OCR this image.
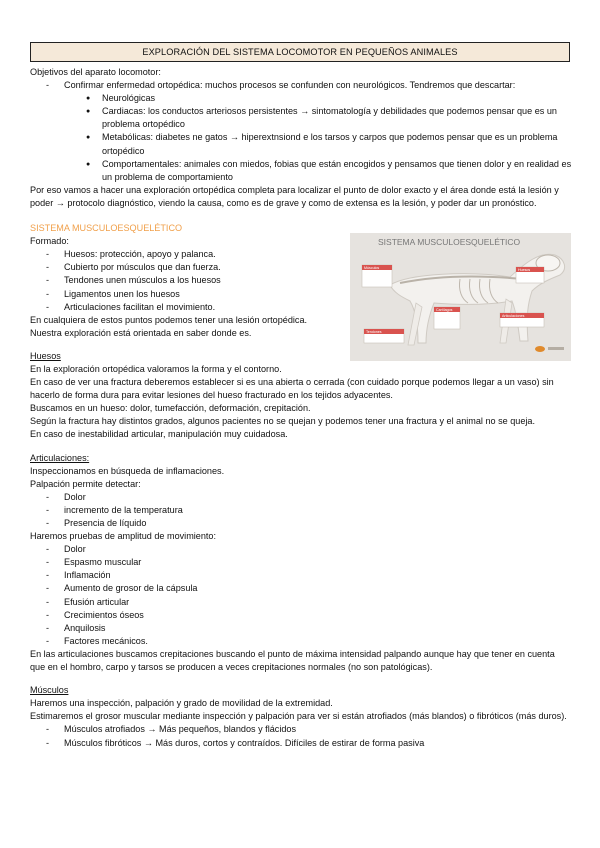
EXPLORACIÓN DEL SISTEMA LOCOMOTOR EN PEQUEÑOS ANIMALES

Objetivos del aparato locomotor:

- Confirmar enfermedad ortopédica: muchos procesos se confunden con neurológicos. Tendremos que descartar:

● Neurológicas

● Cardiacas: los conductos arteriosos persistentes → sintomatología y debilidades que podemos pensar que es un problema ortopédico

● Metabólicas: diabetes ne gatos → hiperextnsiond e los tarsos y carpos que podemos pensar que es un problema ortopédico

● Comportamentales: animales con miedos, fobias que están encogidos y pensamos que tienen dolor y en realidad es un problema de comportamiento

Por eso vamos a hacer una exploración ortopédica completa para localizar el punto de dolor exacto y el área donde está la lesión y poder → protocolo diagnóstico, viendo la causa, como es de grave y como de extensa es la lesión, y poder dar un pronóstico.

SISTEMA MUSCULOESQUELÉTICO

Formado:

- Huesos: protección, apoyo y palanca.

- Cubierto por músculos que dan fuerza.

- Tendones unen músculos a los huesos

- Ligamentos unen los huesos

- Articulaciones facilitan el movimiento.

En cualquiera de estos puntos podemos tener una lesión ortopédica.

Nuestra exploración está orientada en saber donde es.

Huesos

En la exploración ortopédica valoramos la forma y el contorno.

En caso de ver una fractura deberemos establecer si es una abierta o cerrada (con cuidado porque podemos llegar a un vaso) sin hacerlo de forma dura para evitar lesiones del hueso fracturado en los tejidos adyacentes.

Buscamos en un hueso: dolor, tumefacción, deformación, crepitación.

Según la fractura hay distintos grados, algunos pacientes no se quejan y podemos tener una fractura y el animal no se queja.

En caso de inestabilidad articular, manipulación muy cuidadosa.

Articulaciones:

Inspeccionamos en búsqueda de inflamaciones.

Palpación permite detectar:

- Dolor

- incremento de la temperatura

- Presencia de líquido

Haremos pruebas de amplitud de movimiento:

- Dolor

- Espasmo muscular

- Inflamación

- Aumento de grosor de la cápsula

- Efusión articular

- Crecimientos óseos

- Anquilosis

- Factores mecánicos.

En las articulaciones buscamos crepitaciones buscando el punto de máxima intensidad palpando aunque hay que tener en cuenta que en el hombro, carpo y tarsos se producen a veces crepitaciones normales (no son patológicas).

Músculos

Haremos una inspección, palpación y grado de movilidad de la extremidad.

Estimaremos el grosor muscular mediante inspección y palpación para ver si están atrofiados (más blandos) o fibróticos (más duros).

- Músculos atrofiados → Más pequeños, blandos y flácidos

- Músculos fibróticos → Más duros, cortos y contraídos. Difíciles de estirar de forma pasiva

SISTEMA MUSCULOESQUELÉTICO
Músculos	Huesos
Cartílagos
Articulaciones
Tendones
